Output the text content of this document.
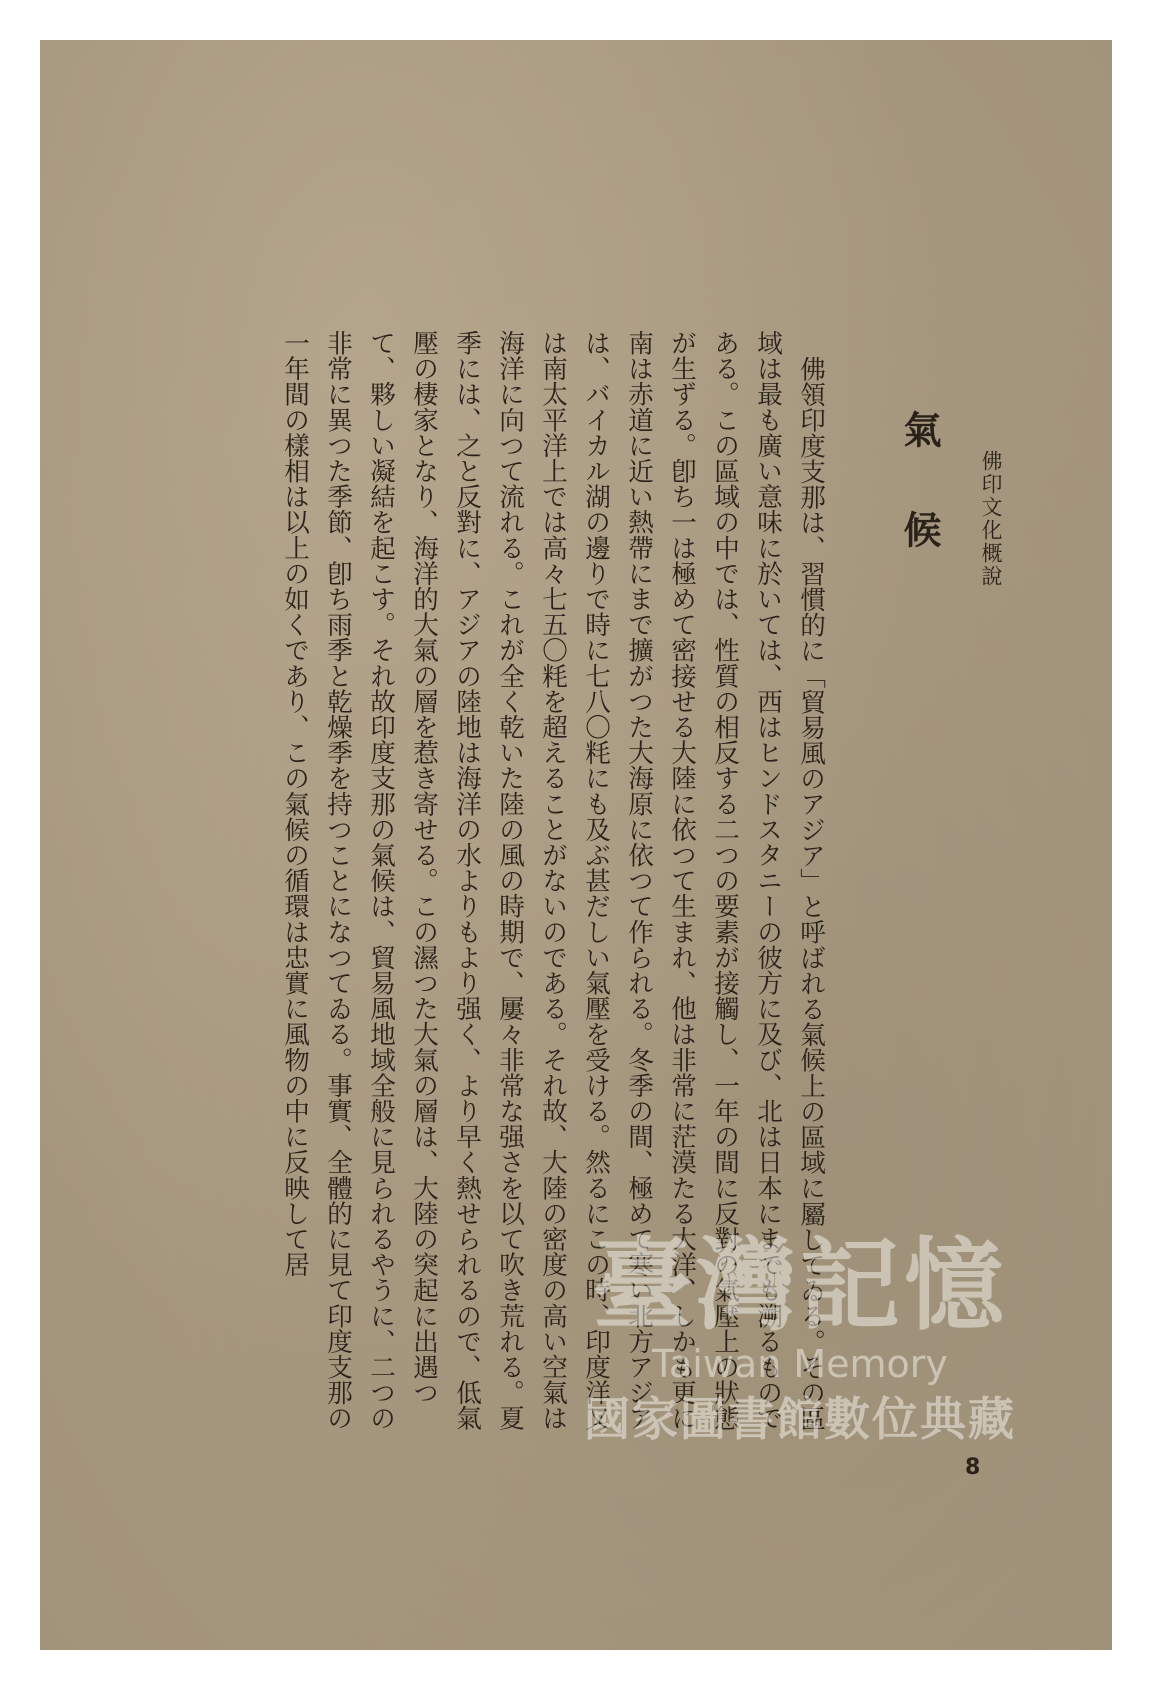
佛印文化概說
氣候
佛領印度支那は、習慣的に「貿易風のアジア」と呼ばれる氣候上の區域に屬してゐる。その區域は最も廣い意味に於いては、西はヒンドスタニーの彼方に及び、北は日本にまでも溯るものである。この區域の中では、性質の相反する二つの要素が接觸し、一年の間に反對の氣壓上の狀態が生ずる。卽ち一は極めて密接せる大陸に依つて生まれ、他は非常に茫漠たる大洋、しかも更に南は赤道に近い熱帶にまで擴がつた大海原に依つて作られる。冬季の間、極めて寒い北方アジアは、バイカル湖の邊りで時に七八〇粍にも及ぶ甚だしい氣壓を受ける。然るにこの時、印度洋又は南太平洋上では高々七五〇粍を超えることがないのである。それ故、大陸の密度の高い空氣は海洋に向つて流れる。これが全く乾いた陸の風の時期で、屢々非常な强さを以て吹き荒れる。夏季には、之と反對に、アジアの陸地は海洋の水よりもより强く、より早く熱せられるので、低氣壓の棲家となり、海洋的大氣の層を惹き寄せる。この濕つた大氣の層は、大陸の突起に出遇つて、夥しい凝結を起こす。それ故印度支那の氣候は、貿易風地域全般に見られるやうに、二つの非常に異つた季節、卽ち雨季と乾燥季を持つことになつてゐる。事實、全體的に見て印度支那の一年間の樣相は以上の如くであり、この氣候の循環は忠實に風物の中に反映して居
8
臺灣記憶
Taiwan Memory
國家圖書館數位典藏
